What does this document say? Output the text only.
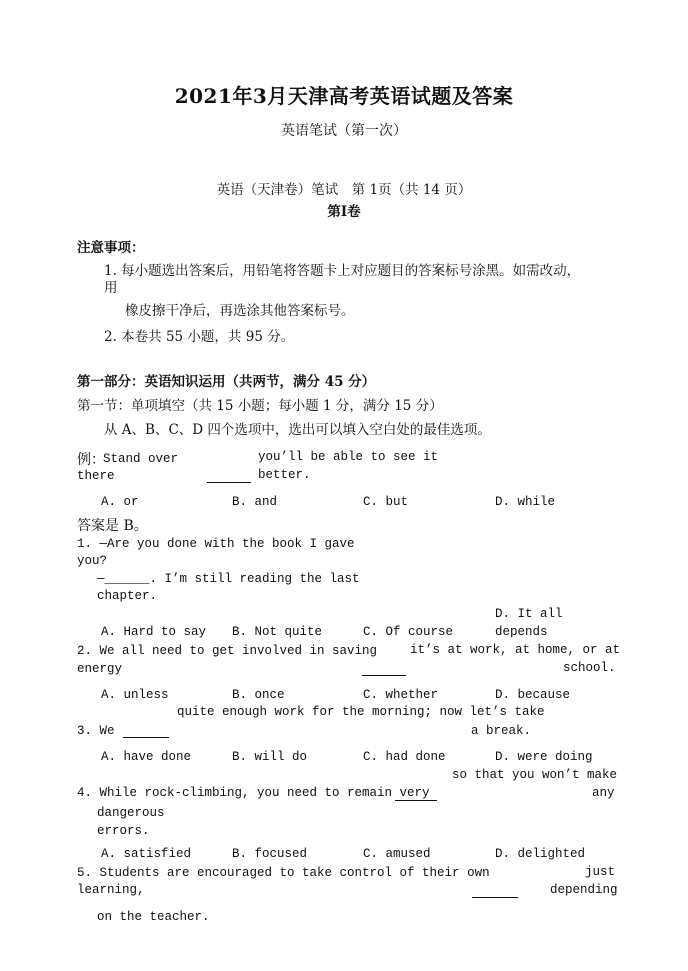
2021年3月天津高考英语试题及答案
英语笔试（第一次）
英语（天津卷）笔试　第 1页（共 14 页）
第Ⅰ卷
注意事项：
1. 每小题选出答案后，用铅笔将答题卡上对应题目的答案标号涂黑。如需改动，
用
橡皮擦干净后，再选涂其他答案标号。
2. 本卷共 55 小题，共 95 分。
第一部分：英语知识运用（共两节，满分 45 分）
第一节：单项填空（共 15 小题；每小题 1 分，满分 15 分）
从 A、B、C、D 四个选项中，选出可以填入空白处的最佳选项。
例：
Stand over
there
you’ll be able to see it
better.
A. or	B. and	C. but	D. while
答案是 B。
1. —Are you done with the book I gave
you?
—______. I’m still reading the last
chapter.
A. Hard to say B. Not quite	C. Of course
D. It all
depends
2. We all need to get involved in saving	it’s at work, at home, or at
energy	school.
A. unless	B. once	C. whether	D. because
quite enough work for the morning; now let’s take
3. We	a break.
A. have done	B. will do	C. had done	D. were doing
so that you won’t make
4. While rock-climbing, you need to remain very	any
dangerous
errors.
A. satisfied	B. focused	C. amused	D. delighted
5. Students are encouraged to take control of their own	just
learning,	depending
on the teacher.
